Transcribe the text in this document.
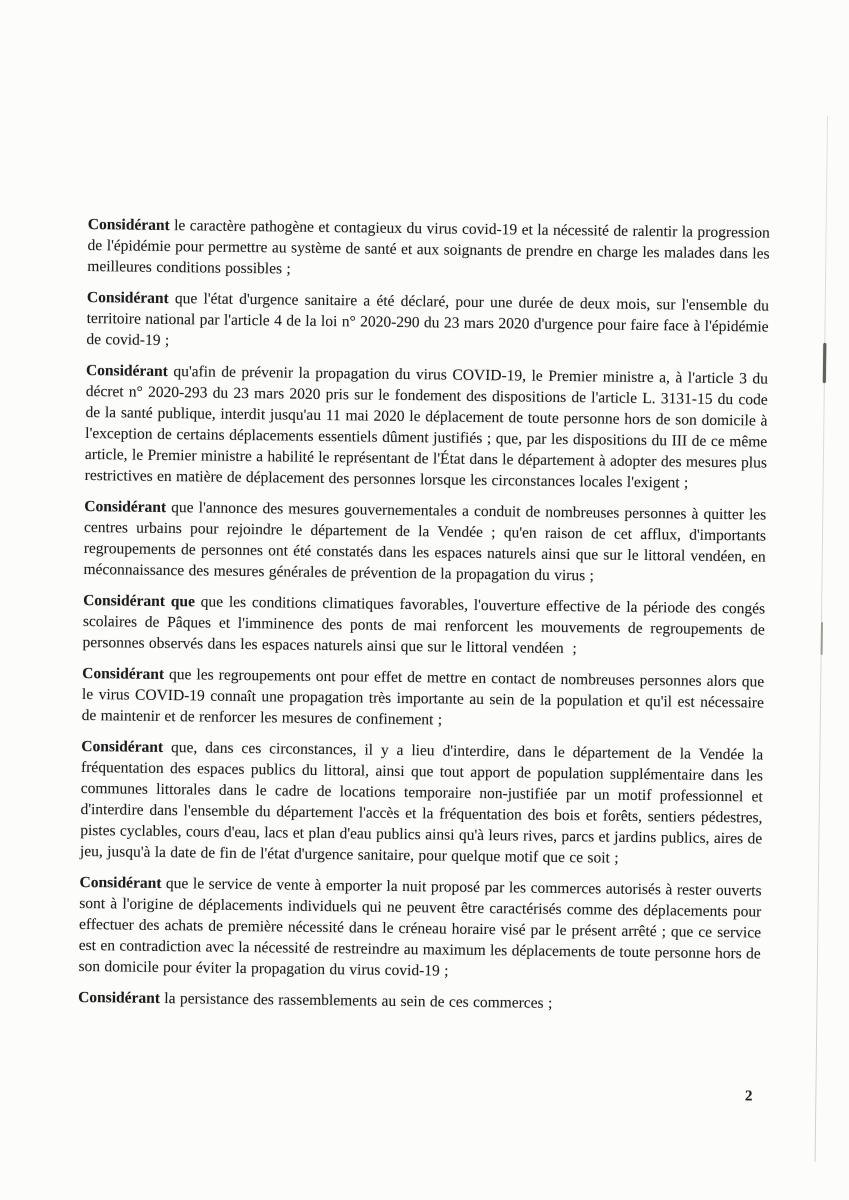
Considérant le caractère pathogène et contagieux du virus covid-19 et la nécessité de ralentir la progression de l'épidémie pour permettre au système de santé et aux soignants de prendre en charge les malades dans les meilleures conditions possibles ;

Considérant que l'état d'urgence sanitaire a été déclaré, pour une durée de deux mois, sur l'ensemble du territoire national par l'article 4 de la loi n° 2020-290 du 23 mars 2020 d'urgence pour faire face à l'épidémie de covid-19 ;

Considérant qu'afin de prévenir la propagation du virus COVID-19, le Premier ministre a, à l'article 3 du décret n° 2020-293 du 23 mars 2020 pris sur le fondement des dispositions de l'article L. 3131-15 du code de la santé publique, interdit jusqu'au 11 mai 2020 le déplacement de toute personne hors de son domicile à l'exception de certains déplacements essentiels dûment justifiés ; que, par les dispositions du III de ce même article, le Premier ministre a habilité le représentant de l'État dans le département à adopter des mesures plus restrictives en matière de déplacement des personnes lorsque les circonstances locales l'exigent ;

Considérant que l'annonce des mesures gouvernementales a conduit de nombreuses personnes à quitter les centres urbains pour rejoindre le département de la Vendée ; qu'en raison de cet afflux, d'importants regroupements de personnes ont été constatés dans les espaces naturels ainsi que sur le littoral vendéen, en méconnaissance des mesures générales de prévention de la propagation du virus ;

Considérant que que les conditions climatiques favorables, l'ouverture effective de la période des congés scolaires de Pâques et l'imminence des ponts de mai renforcent les mouvements de regroupements de personnes observés dans les espaces naturels ainsi que sur le littoral vendéen  ;

Considérant que les regroupements ont pour effet de mettre en contact de nombreuses personnes alors que le virus COVID-19 connaît une propagation très importante au sein de la population et qu'il est nécessaire de maintenir et de renforcer les mesures de confinement ;

Considérant que, dans ces circonstances, il y a lieu d'interdire, dans le département de la Vendée la fréquentation des espaces publics du littoral, ainsi que tout apport de population supplémentaire dans les communes littorales dans le cadre de locations temporaire non-justifiée par un motif professionnel et d'interdire dans l'ensemble du département l'accès et la fréquentation des bois et forêts, sentiers pédestres, pistes cyclables, cours d'eau, lacs et plan d'eau publics ainsi qu'à leurs rives, parcs et jardins publics, aires de jeu, jusqu'à la date de fin de l'état d'urgence sanitaire, pour quelque motif que ce soit ;

Considérant que le service de vente à emporter la nuit proposé par les commerces autorisés à rester ouverts sont à l'origine de déplacements individuels qui ne peuvent être caractérisés comme des déplacements pour effectuer des achats de première nécessité dans le créneau horaire visé par le présent arrêté ; que ce service est en contradiction avec la nécessité de restreindre au maximum les déplacements de toute personne hors de son domicile pour éviter la propagation du virus covid-19 ;

Considérant la persistance des rassemblements au sein de ces commerces ;

2
